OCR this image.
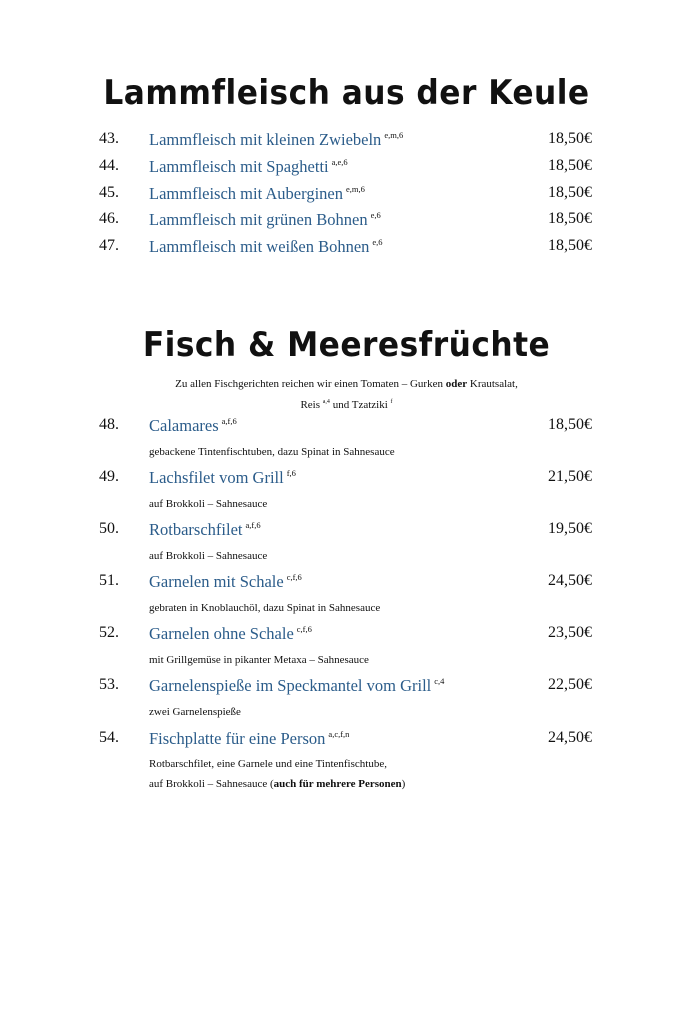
Lammfleisch aus der Keule
43. Lammfleisch mit kleinen Zwiebeln $^{e,m,6}$	18,50€
44. Lammfleisch mit Spaghetti $^{a,e,6}$	18,50€
45. Lammfleisch mit Auberginen $^{e,m,6}$	18,50€
46. Lammfleisch mit grünen Bohnen $^{e,6}$	18,50€
47. Lammfleisch mit weißen Bohnen $^{e,6}$	18,50€
Fisch & Meeresfrüchte
Zu allen Fischgerichten reichen wir einen Tomaten – Gurken oder Krautsalat,
Reis $^{a,4}$ und Tzatziki $^f$
48. Calamares $^{a,f,6}$	18,50€
gebackene Tintenfischtuben, dazu Spinat in Sahnesauce
49. Lachsfilet vom Grill $^{f,6}$	21,50€
auf Brokkoli – Sahnesauce
50. Rotbarschfilet $^{a,f,6}$	19,50€
auf Brokkoli – Sahnesauce
51. Garnelen mit Schale $^{c,f,6}$	24,50€
gebraten in Knoblauchöl, dazu Spinat in Sahnesauce
52. Garnelen ohne Schale $^{c,f,6}$	23,50€
mit Grillgemüse in pikanter Metaxa – Sahnesauce
53. Garnelenspieße im Speckmantel vom Grill $^{c,4}$	22,50€
zwei Garnelenspieße
54. Fischplatte für eine Person $^{a,c,f,n}$	24,50€
Rotbarschfilet, eine Garnele und eine Tintenfischtube,
auf Brokkoli – Sahnesauce (auch für mehrere Personen)
